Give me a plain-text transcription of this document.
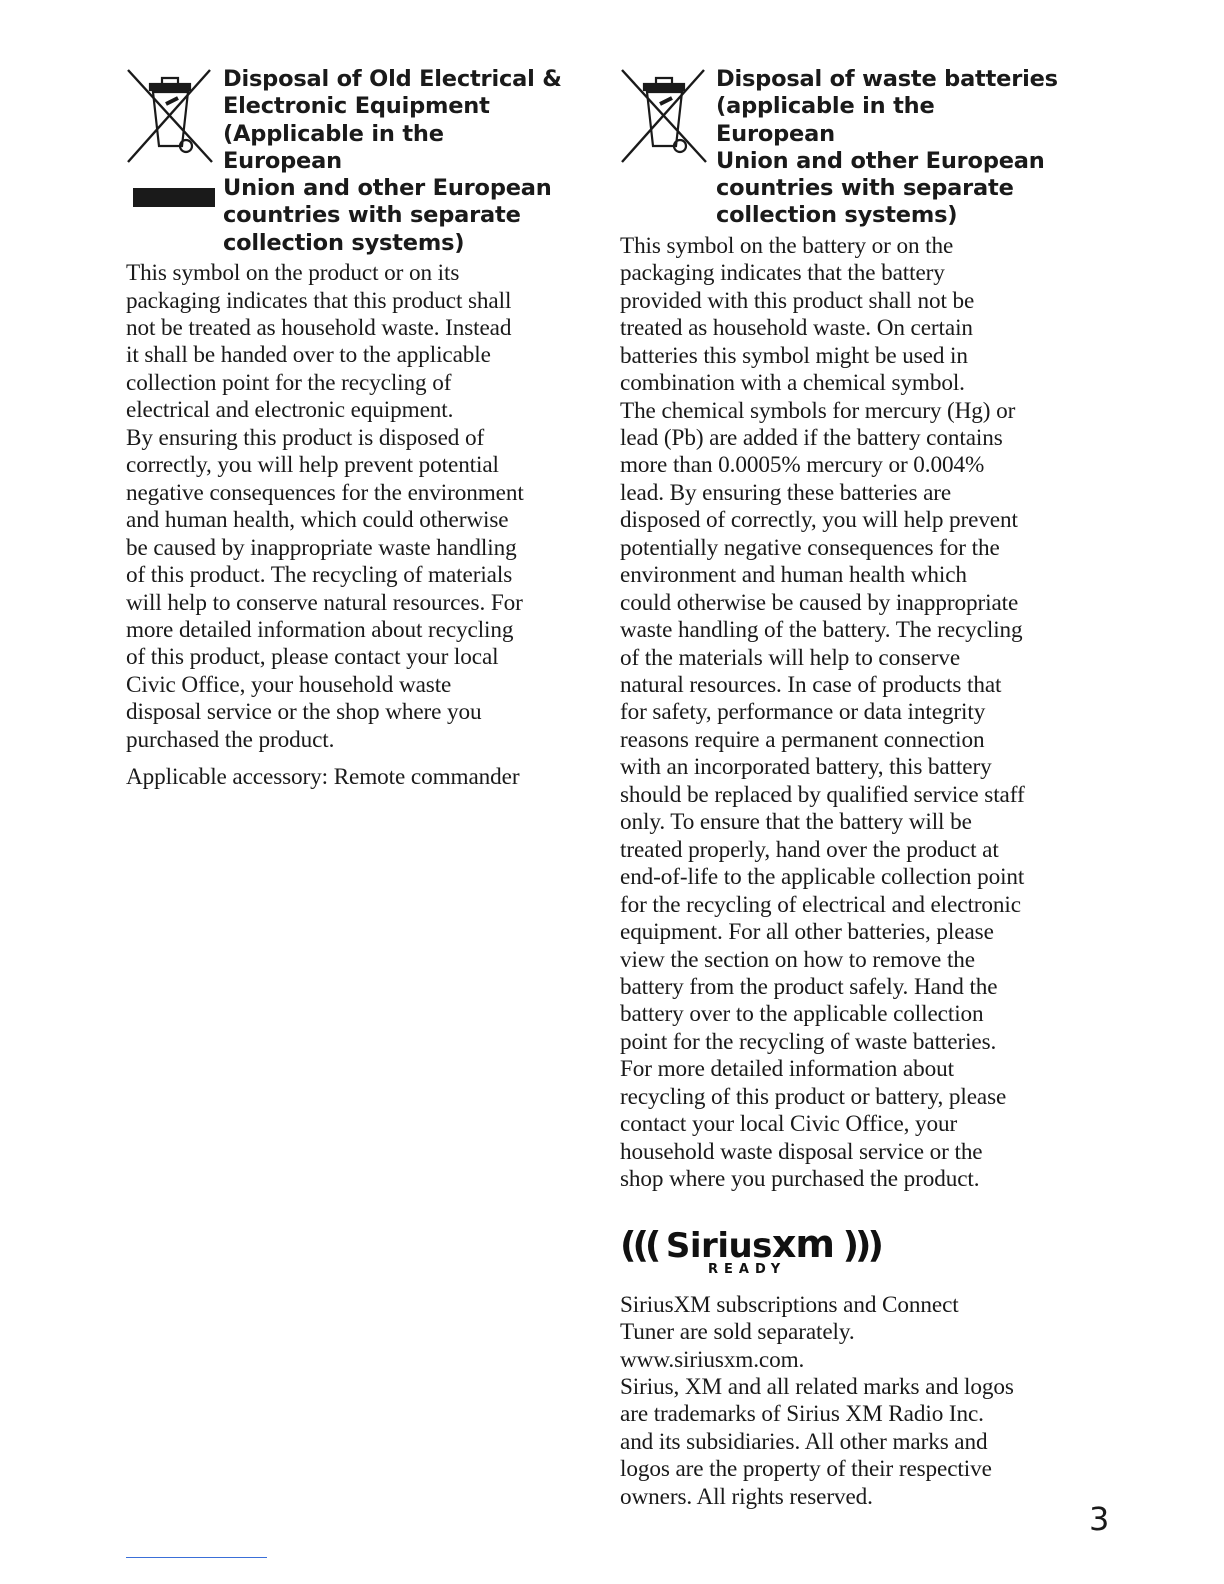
Disposal of Old Electrical &
Electronic Equipment
(Applicable in the European
Union and other European
countries with separate
collection systems)

This symbol on the product or on its
packaging indicates that this product shall
not be treated as household waste. Instead
it shall be handed over to the applicable
collection point for the recycling of
electrical and electronic equipment.
By ensuring this product is disposed of
correctly, you will help prevent potential
negative consequences for the environment
and human health, which could otherwise
be caused by inappropriate waste handling
of this product. The recycling of materials
will help to conserve natural resources. For
more detailed information about recycling
of this product, please contact your local
Civic Office, your household waste
disposal service or the shop where you
purchased the product.

Applicable accessory: Remote commander

Disposal of waste batteries
(applicable in the European
Union and other European
countries with separate
collection systems)

This symbol on the battery or on the
packaging indicates that the battery
provided with this product shall not be
treated as household waste. On certain
batteries this symbol might be used in
combination with a chemical symbol.
The chemical symbols for mercury (Hg) or
lead (Pb) are added if the battery contains
more than 0.0005% mercury or 0.004%
lead. By ensuring these batteries are
disposed of correctly, you will help prevent
potentially negative consequences for the
environment and human health which
could otherwise be caused by inappropriate
waste handling of the battery. The recycling
of the materials will help to conserve
natural resources. In case of products that
for safety, performance or data integrity
reasons require a permanent connection
with an incorporated battery, this battery
should be replaced by qualified service staff
only. To ensure that the battery will be
treated properly, hand over the product at
end-of-life to the applicable collection point
for the recycling of electrical and electronic
equipment. For all other batteries, please
view the section on how to remove the
battery from the product safely. Hand the
battery over to the applicable collection
point for the recycling of waste batteries.
For more detailed information about
recycling of this product or battery, please
contact your local Civic Office, your
household waste disposal service or the
shop where you purchased the product.

((( Siriusxm )))
READY

SiriusXM subscriptions and Connect
Tuner are sold separately.
www.siriusxm.com.
Sirius, XM and all related marks and logos
are trademarks of Sirius XM Radio Inc.
and its subsidiaries. All other marks and
logos are the property of their respective
owners. All rights reserved.

3
